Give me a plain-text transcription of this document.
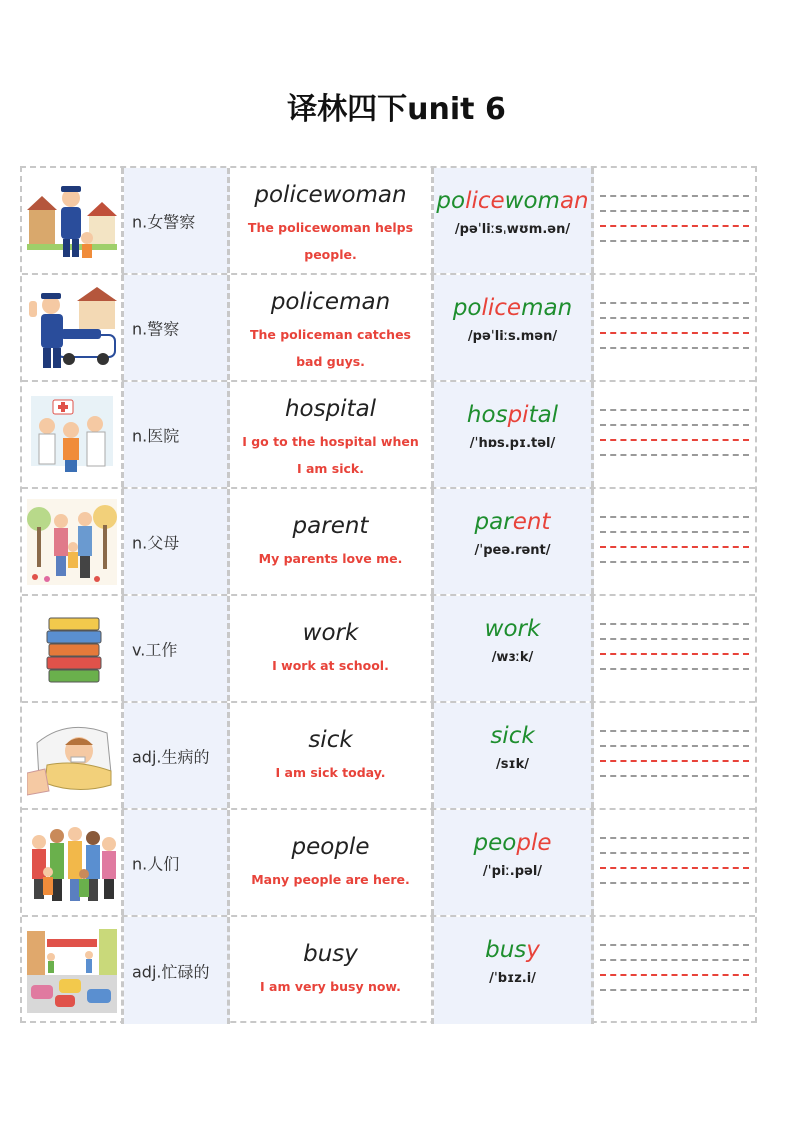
译林四下unit 6
n.女警察
policewoman
The policewoman helps people.
policewoman
/pəˈliːsˌwʊm.ən/
n.警察
policeman
The policeman catches bad guys.
policeman
/pəˈliːs.mən/
n.医院
hospital
I go to the hospital when I am sick.
hospital
/ˈhɒs.pɪ.təl/
n.父母
parent
My parents love me.
parent
/ˈpeə.rənt/
v.工作
work
I work at school.
work
/wɜːk/
adj.生病的
sick
I am sick today.
sick
/sɪk/
n.人们
people
Many people are here.
people
/ˈpiː.pəl/
adj.忙碌的
busy
I am very busy now.
busy
/ˈbɪz.i/
